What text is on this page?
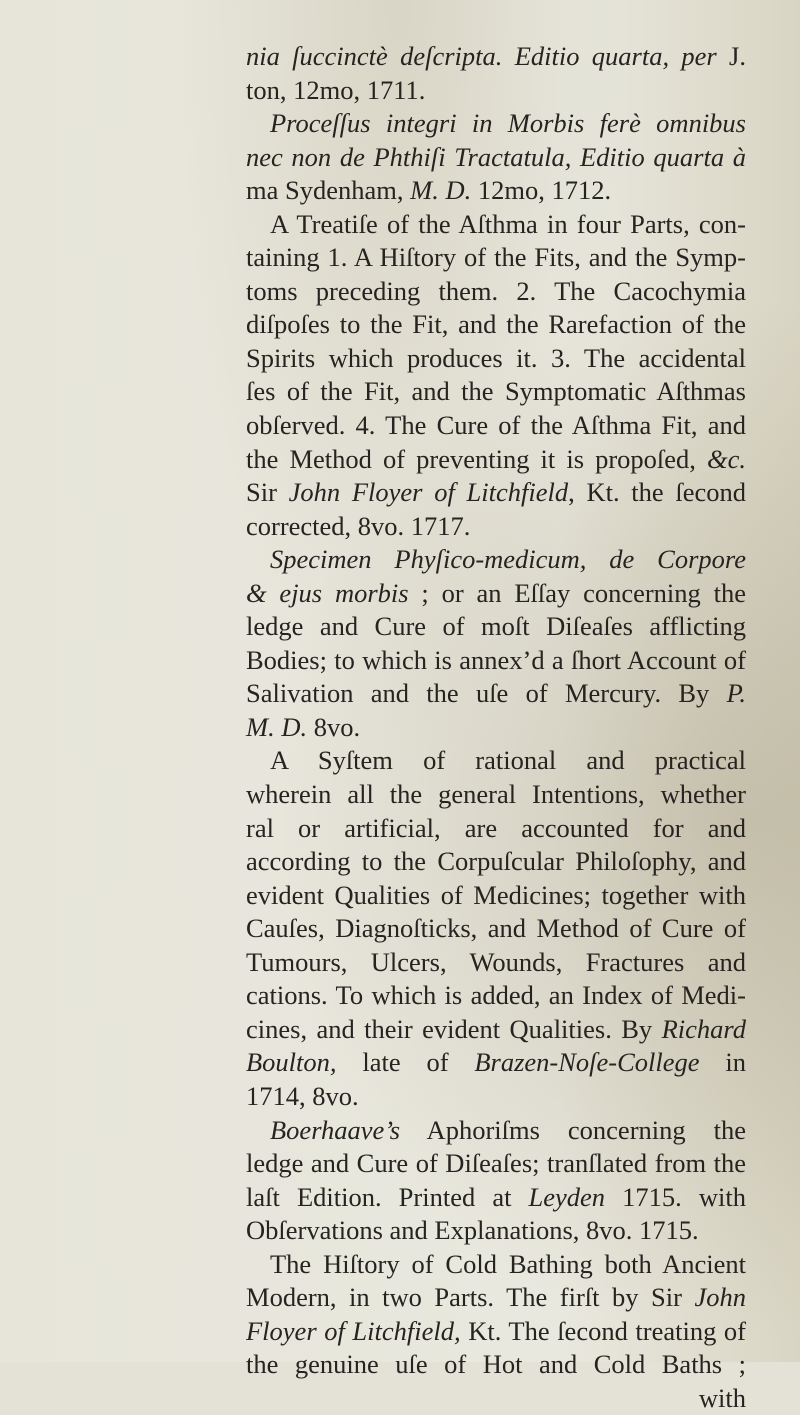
nia ſuccinctè deſcripta. Editio quarta, per J.
ton, 12mo, 1711.
Proceſſus integri in Morbis ferè omnibus
nec non de Phthiſi Tractatula, Editio quarta à
ma Sydenham, M. D. 12mo, 1712.
A Treatiſe of the Aſthma in four Parts, con-
taining 1. A Hiſtory of the Fits, and the Symp-
toms preceding them. 2. The Cacochymia
diſpoſes to the Fit, and the Rarefaction of the
Spirits which produces it. 3. The accidental
ſes of the Fit, and the Symptomatic Aſthmas
obſerved. 4. The Cure of the Aſthma Fit, and
the Method of preventing it is propoſed, &c.
Sir John Floyer of Litchfield, Kt. the ſecond
corrected, 8vo. 1717.
Specimen Phyſico-medicum, de Corpore
& ejus morbis ; or an Eſſay concerning the
ledge and Cure of moſt Diſeaſes afflicting
Bodies; to which is annex’d a ſhort Account of
Salivation and the uſe of Mercury. By P.
M. D. 8vo.
A Syſtem of rational and practical
wherein all the general Intentions, whether
ral or artificial, are accounted for and
according to the Corpuſcular Philoſophy, and
evident Qualities of Medicines; together with
Cauſes, Diagnoſticks, and Method of Cure of
Tumours, Ulcers, Wounds, Fractures and
cations. To which is added, an Index of Medi-
cines, and their evident Qualities. By Richard
Boulton, late of Brazen-Noſe-College in
1714, 8vo.
Boerhaave’s Aphoriſms concerning the
ledge and Cure of Diſeaſes; tranſlated from the
laſt Edition. Printed at Leyden 1715. with
Obſervations and Explanations, 8vo. 1715.
The Hiſtory of Cold Bathing both Ancient
Modern, in two Parts. The firſt by Sir John
Floyer of Litchfield, Kt. The ſecond treating of
the genuine uſe of Hot and Cold Baths ;
with
